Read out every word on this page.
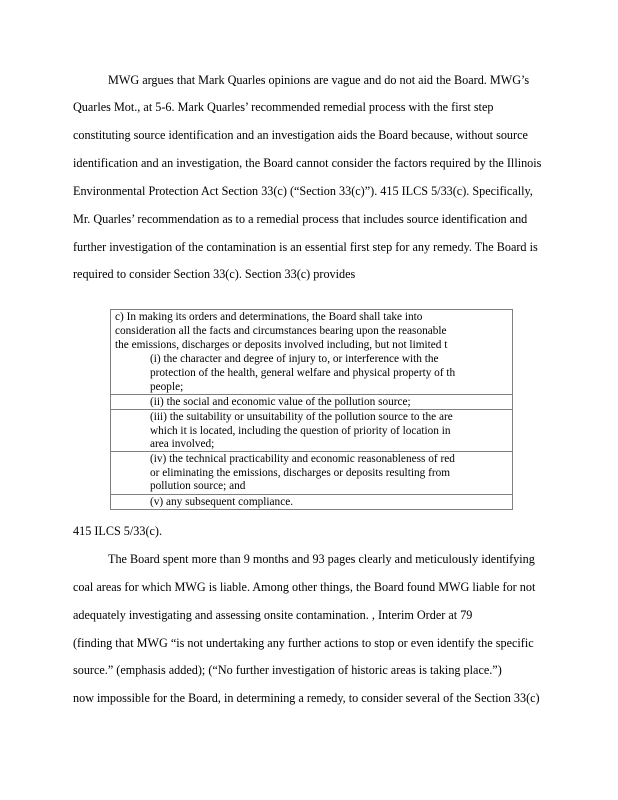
MWG argues that Mark Quarles opinions are vague and do not aid the Board. MWG’s
Quarles Mot., at 5-6. Mark Quarles’ recommended remedial process with the first step
constituting source identification and an investigation aids the Board because, without source
identification and an investigation, the Board cannot consider the factors required by the Illinois
Environmental Protection Act Section 33(c) (“Section 33(c)”). 415 ILCS 5/33(c). Specifically,
Mr. Quarles’ recommendation as to a remedial process that includes source identification and
further investigation of the contamination is an essential first step for any remedy. The Board is
required to consider Section 33(c). Section 33(c) provides
c) In making its orders and determinations, the Board shall take into
consideration all the facts and circumstances bearing upon the reasonable
the emissions, discharges or deposits involved including, but not limited t
(i) the character and degree of injury to, or interference with the
protection of the health, general welfare and physical property of th
people;
(ii) the social and economic value of the pollution source;
(iii) the suitability or unsuitability of the pollution source to the are
which it is located, including the question of priority of location in
area involved;
(iv) the technical practicability and economic reasonableness of red
or eliminating the emissions, discharges or deposits resulting from
pollution source; and
(v) any subsequent compliance.
415 ILCS 5/33(c).
The Board spent more than 9 months and 93 pages clearly and meticulously identifying
coal areas for which MWG is liable. Among other things, the Board found MWG liable for not
adequately investigating and assessing onsite contamination. , Interim Order at 79
(finding that MWG “is not undertaking any further actions to stop or even identify the specific
source.” (emphasis added); (“No further investigation of historic areas is taking place.”)
now impossible for the Board, in determining a remedy, to consider several of the Section 33(c)
